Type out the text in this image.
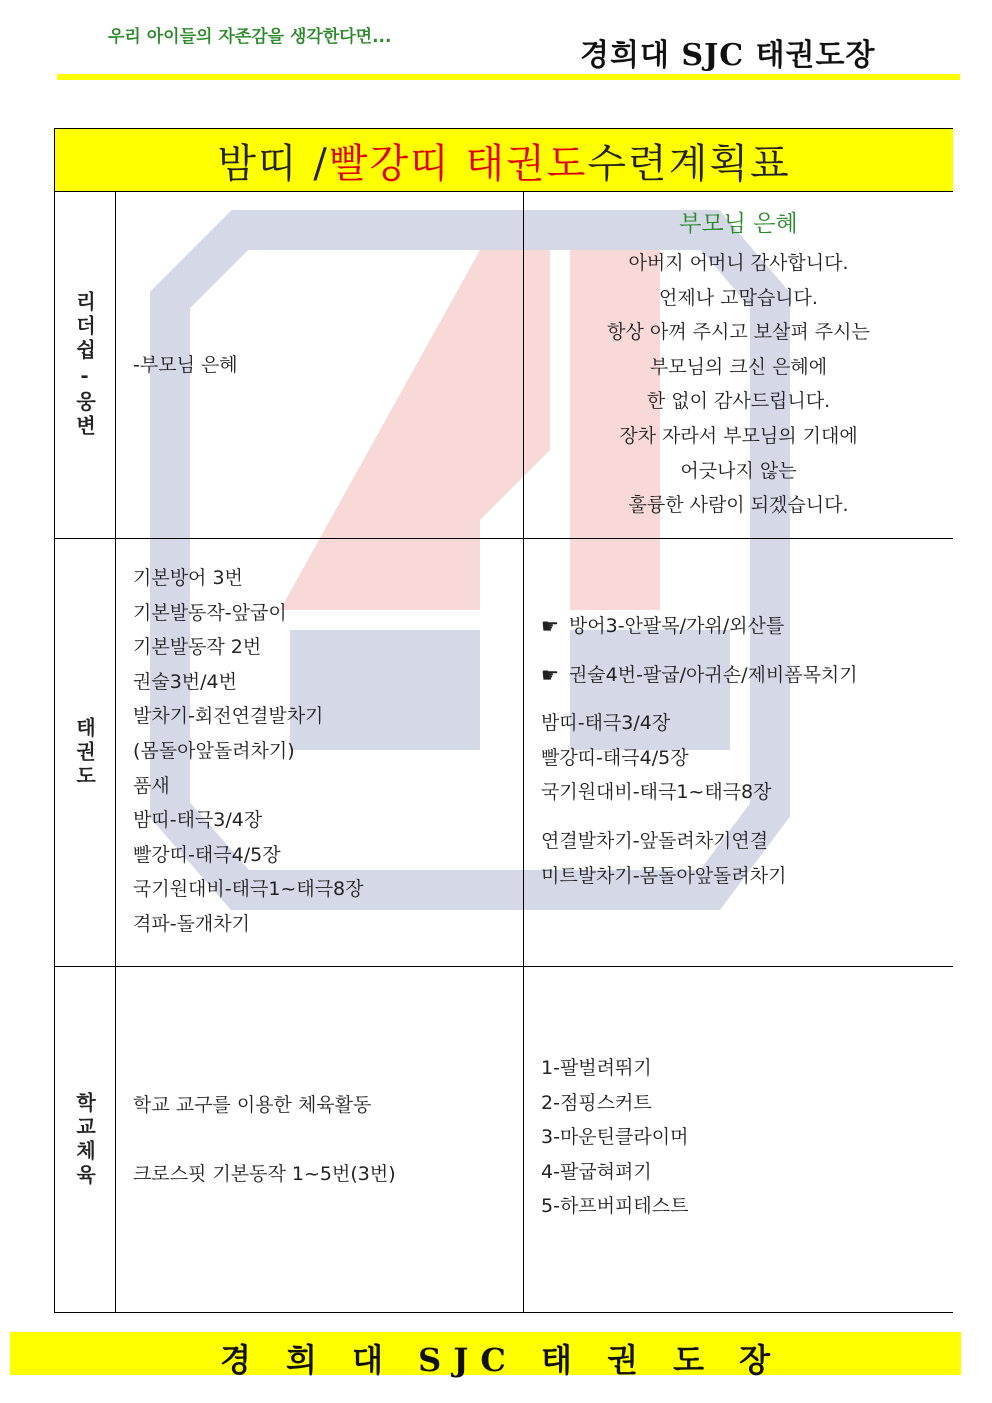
우리 아이들의 자존감을 생각한다면...
경희대 SJC 태권도장
밤띠 / 빨강띠 태권도 수련계획표
리더쉽-웅변 -부모님 은혜
부모님 은혜
아버지 어머니 감사합니다.
언제나 고맙습니다.
항상 아껴 주시고 보살펴 주시는
부모님의 크신 은혜에
한 없이 감사드립니다.
장차 자라서 부모님의 기대에
어긋나지 않는
훌륭한 사람이 되겠습니다.
태권도
기본방어 3번
기본발동작-앞굽이
기본발동작 2번
권술3번/4번
발차기-회전연결발차기
(몸돌아앞돌려차기)
품새
밤띠-태극3/4장
빨강띠-태극4/5장
국기원대비-태극1~태극8장
격파-돌개차기
☛ 방어3-안팔목/가위/외산틀
☛ 권술4번-팔굽/아귀손/제비폼목치기
밤띠-태극3/4장
빨강띠-태극4/5장
국기원대비-태극1~태극8장
연결발차기-앞돌려차기연결
미트발차기-몸돌아앞돌려차기
학교체육 학교 교구를 이용한 체육활동
크로스핏 기본동작 1~5번(3번)
1-팔벌려뛰기
2-점핑스커트
3-마운틴클라이머
4-팔굽혀펴기
5-하프버피테스트
경 희 대 SJC 태 권 도 장
